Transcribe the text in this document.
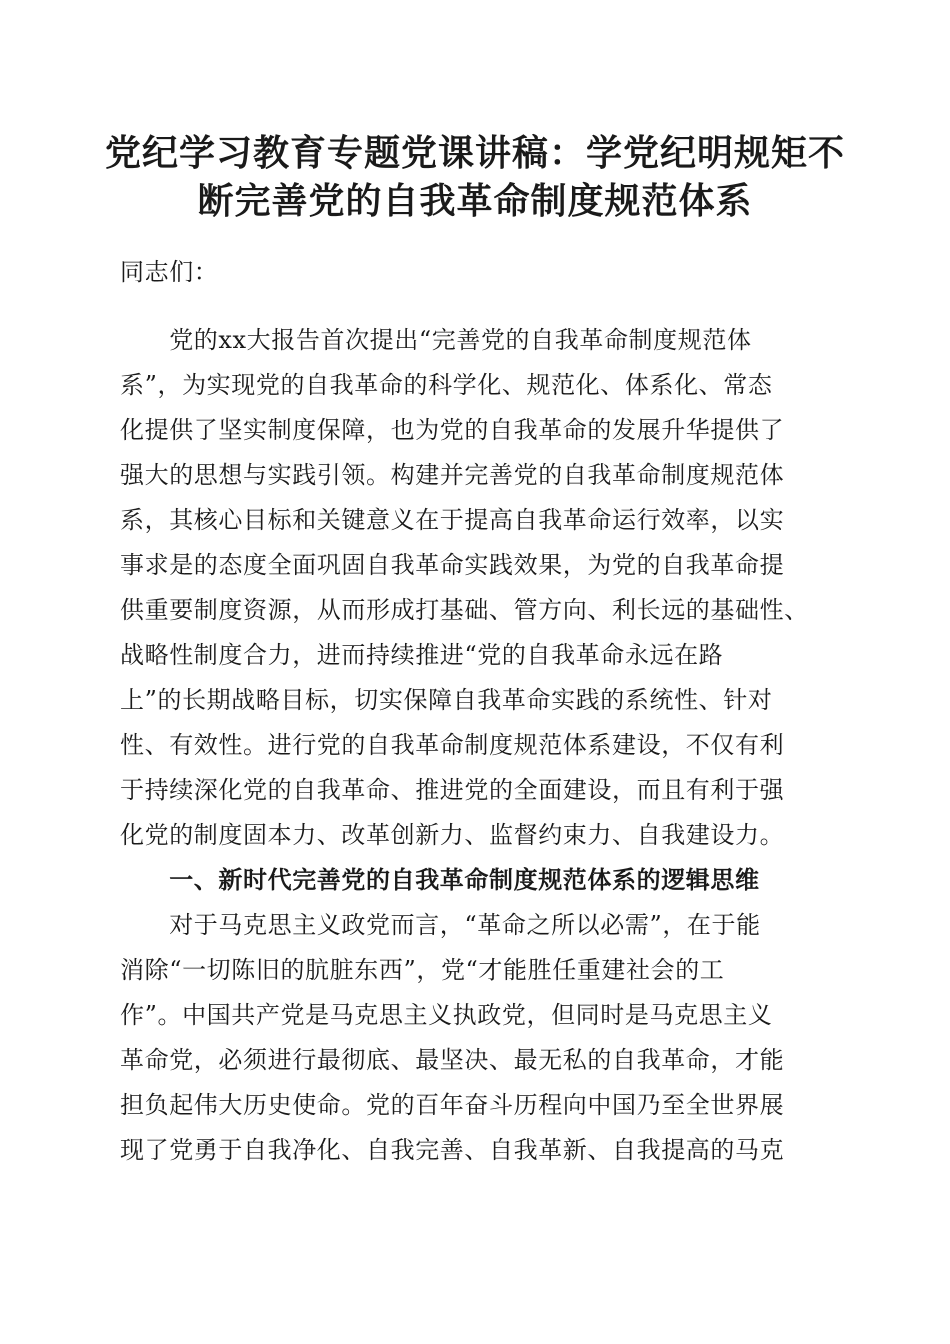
党纪学习教育专题党课讲稿：学党纪明规矩不
断完善党的自我革命制度规范体系
同志们：
　　党的xx大报告首次提出“完善党的自我革命制度规范体
系”，为实现党的自我革命的科学化、规范化、体系化、常态
化提供了坚实制度保障，也为党的自我革命的发展升华提供了
强大的思想与实践引领。构建并完善党的自我革命制度规范体
系，其核心目标和关键意义在于提高自我革命运行效率，以实
事求是的态度全面巩固自我革命实践效果，为党的自我革命提
供重要制度资源，从而形成打基础、管方向、利长远的基础性、
战略性制度合力，进而持续推进“党的自我革命永远在路
上”的长期战略目标，切实保障自我革命实践的系统性、针对
性、有效性。进行党的自我革命制度规范体系建设，不仅有利
于持续深化党的自我革命、推进党的全面建设，而且有利于强
化党的制度固本力、改革创新力、监督约束力、自我建设力。
　　一、新时代完善党的自我革命制度规范体系的逻辑思维
　　对于马克思主义政党而言，“革命之所以必需”，在于能
消除“一切陈旧的肮脏东西”，党“才能胜任重建社会的工
作”。中国共产党是马克思主义执政党，但同时是马克思主义
革命党，必须进行最彻底、最坚决、最无私的自我革命，才能
担负起伟大历史使命。党的百年奋斗历程向中国乃至全世界展
现了党勇于自我净化、自我完善、自我革新、自我提高的马克
